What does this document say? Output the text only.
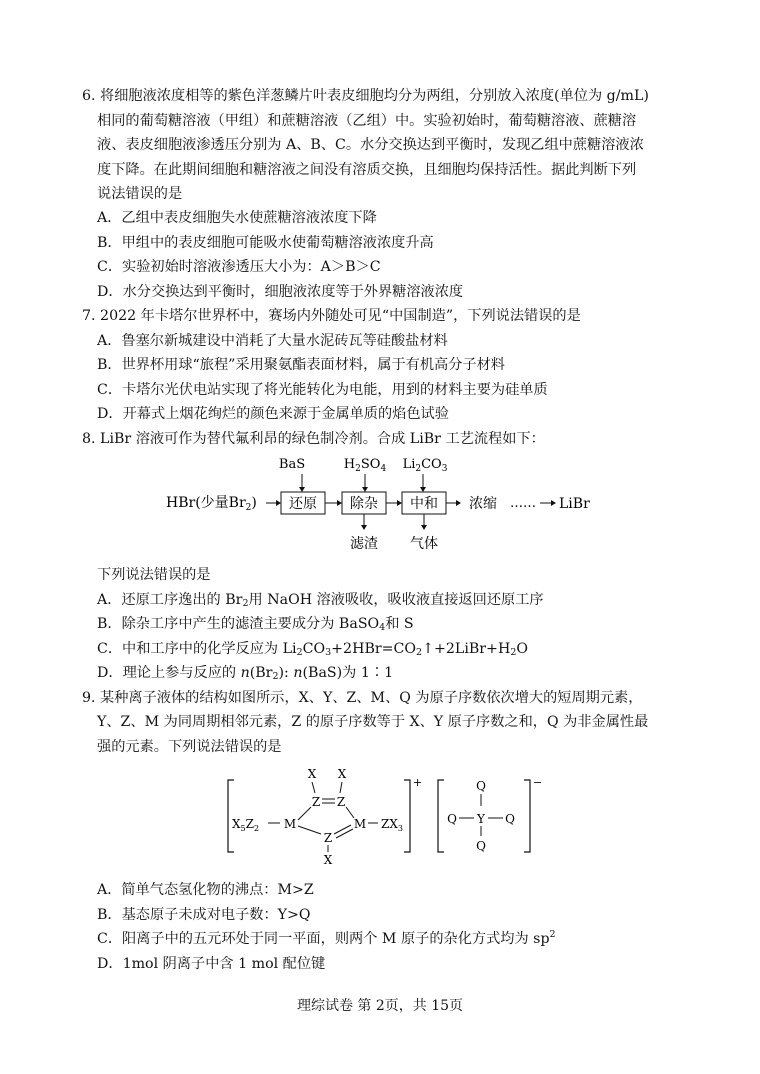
6. 将细胞液浓度相等的紫色洋葱鳞片叶表皮细胞均分为两组，分别放入浓度(单位为 g/mL)
相同的葡萄糖溶液（甲组）和蔗糖溶液（乙组）中。实验初始时，葡萄糖溶液、蔗糖溶
液、表皮细胞液渗透压分别为 A、B、C。水分交换达到平衡时，发现乙组中蔗糖溶液浓
度下降。在此期间细胞和糖溶液之间没有溶质交换，且细胞均保持活性。据此判断下列
说法错误的是
A．乙组中表皮细胞失水使蔗糖溶液浓度下降
B．甲组中的表皮细胞可能吸水使葡萄糖溶液浓度升高
C．实验初始时溶液渗透压大小为：A＞B＞C
D．水分交换达到平衡时，细胞液浓度等于外界糖溶液浓度
7. 2022 年卡塔尔世界杯中，赛场内外随处可见“中国制造”，下列说法错误的是
A．鲁塞尔新城建设中消耗了大量水泥砖瓦等硅酸盐材料
B．世界杯用球“旅程”采用聚氨酯表面材料，属于有机高分子材料
C．卡塔尔光伏电站实现了将光能转化为电能，用到的材料主要为硅单质
D．开幕式上烟花绚烂的颜色来源于金属单质的焰色试验
8. LiBr 溶液可作为替代氟利昂的绿色制冷剂。合成 LiBr 工艺流程如下：
BaS	$H_2SO_4$ $Li_2CO_3$
HBr(少量$Br_2$) 还原 除杂 中和 浓缩 …… LiBr
滤渣 气体
下列说法错误的是
A．还原工序逸出的 $Br_2$用 NaOH 溶液吸收，吸收液直接返回还原工序
B．除杂工序中产生的滤渣主要成分为 BaSO$_4$和 S
C．中和工序中的化学反应为 $Li_2CO_3+2HBr=CO_2↑+2LiBr+H_2O$
D．理论上参与反应的 $n(Br_2)$: n(BaS)为 1∶1
9. 某种离子液体的结构如图所示，X、Y、Z、M、Q 为原子序数依次增大的短周期元素，
Y、Z、M 为同周期相邻元素，Z 的原子序数等于 X、Y 原子序数之和，Q 为非金属性最
强的元素。下列说法错误的是
+
X X
Z Z
$X_5Z_2$ M	M
Z
X
$ZX_3$
−
Q
Q Y Q
Q
A．简单气态氢化物的沸点：M>Z
B．基态原子未成对电子数：Y>Q
C．阳离子中的五元环处于同一平面，则两个 M 原子的杂化方式均为 $sp^2$
D．1mol 阴离子中含 1 mol 配位键
理综试卷 第 2页，共 15页
